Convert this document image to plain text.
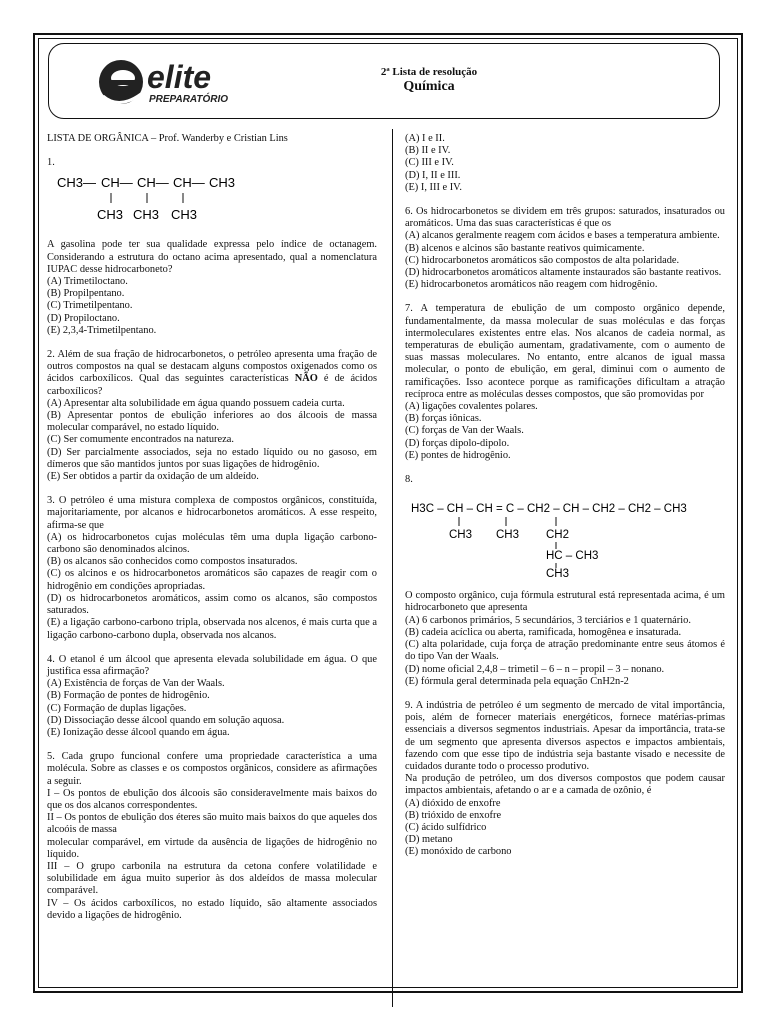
elite
PREPARATÓRIO
2ª Lista de resolução
Química

LISTA DE ORGÂNICA – Prof. Wanderby e Cristian Lins

1.

CH3— CH— CH— CH— CH3
CH3 CH3 CH3

A gasolina pode ter sua qualidade expressa pelo índice de octanagem. Considerando a estrutura do octano acima apresentado, qual a nomenclatura IUPAC desse hidrocarboneto?

(A) Trimetiloctano.

(B) Propilpentano.

(C) Trimetilpentano.

(D) Propiloctano.

(E) 2,3,4-Trimetilpentano.

2. Além de sua fração de hidrocarbonetos, o petróleo apresenta uma fração de outros compostos na qual se destacam alguns compostos oxigenados como os ácidos carboxílicos. Qual das seguintes características NÃO é de ácidos carboxílicos?

(A) Apresentar alta solubilidade em água quando possuem cadeia curta.

(B) Apresentar pontos de ebulição inferiores ao dos álcoois de massa molecular comparável, no estado líquido.

(C) Ser comumente encontrados na natureza.

(D) Ser parcialmente associados, seja no estado líquido ou no gasoso, em dímeros que são mantidos juntos por suas ligações de hidrogênio.

(E) Ser obtidos a partir da oxidação de um aldeído.

3. O petróleo é uma mistura complexa de compostos orgânicos, constituída, majoritariamente, por alcanos e hidrocarbonetos aromáticos. A esse respeito, afirma-se que

(A) os hidrocarbonetos cujas moléculas têm uma dupla ligação carbono-carbono são denominados alcinos.

(B) os alcanos são conhecidos como compostos insaturados.

(C) os alcinos e os hidrocarbonetos aromáticos são capazes de reagir com o hidrogênio em condições apropriadas.

(D) os hidrocarbonetos aromáticos, assim como os alcanos, são compostos saturados.

(E) a ligação carbono-carbono tripla, observada nos alcenos, é mais curta que a ligação carbono-carbono dupla, observada nos alcanos.

4. O etanol é um álcool que apresenta elevada solubilidade em água. O que justifica essa afirmação?

(A) Existência de forças de Van der Waals.

(B) Formação de pontes de hidrogênio.

(C) Formação de duplas ligações.

(D) Dissociação desse álcool quando em solução aquosa.

(E) Ionização desse álcool quando em água.

5. Cada grupo funcional confere uma propriedade característica a uma molécula. Sobre as classes e os compostos orgânicos, considere as afirmações a seguir.

I – Os pontos de ebulição dos álcoois são consideravelmente mais baixos do que os dos alcanos correspondentes.

II – Os pontos de ebulição dos éteres são muito mais baixos do que aqueles dos alcoóis de massa

molecular comparável, em virtude da ausência de ligações de hidrogênio no líquido.

III – O grupo carbonila na estrutura da cetona confere volatilidade e solubilidade em água muito superior às dos aldeídos de massa molecular comparável.

IV – Os ácidos carboxílicos, no estado líquido, são altamente associados devido a ligações de hidrogênio.

(A) I e II.

(B) II e IV.

(C) III e IV.

(D) I, II e III.

(E) I, III e IV.

6. Os hidrocarbonetos se dividem em três grupos: saturados, insaturados ou aromáticos. Uma das suas características é que os

(A) alcanos geralmente reagem com ácidos e bases a temperatura ambiente.

(B) alcenos e alcinos são bastante reativos quimicamente.

(C) hidrocarbonetos aromáticos são compostos de alta polaridade.

(D) hidrocarbonetos aromáticos altamente instaurados são bastante reativos.

(E) hidrocarbonetos aromáticos não reagem com hidrogênio.

7. A temperatura de ebulição de um composto orgânico depende, fundamentalmente, da massa molecular de suas moléculas e das forças intermoleculares existentes entre elas. Nos alcanos de cadeia normal, as temperaturas de ebulição aumentam, gradativamente, com o aumento de suas massas moleculares. No entanto, entre alcanos de igual massa molecular, o ponto de ebulição, em geral, diminui com o aumento de ramificações. Isso acontece porque as ramificações dificultam a atração recíproca entre as moléculas desses compostos, que são promovidas por

(A) ligações covalentes polares.

(B) forças iônicas.

(C) forças de Van der Waals.

(D) forças dipolo-dipolo.

(E) pontes de hidrogênio.

8.

H3C – CH – CH = C – CH2 – CH – CH2 – CH2 – CH3
CH3 CH3 CH2
HC – CH3
CH3

O composto orgânico, cuja fórmula estrutural está representada acima, é um hidrocarboneto que apresenta

(A) 6 carbonos primários, 5 secundários, 3 terciários e 1 quaternário.

(B) cadeia acíclica ou aberta, ramificada, homogênea e insaturada.

(C) alta polaridade, cuja força de atração predominante entre seus átomos é do tipo Van der Waals.

(D) nome oficial 2,4,8 – trimetil – 6 – n – propil – 3 – nonano.

(E) fórmula geral determinada pela equação CnH2n-2

9. A indústria de petróleo é um segmento de mercado de vital importância, pois, além de fornecer materiais energéticos, fornece matérias-primas essenciais a diversos segmentos industriais. Apesar da importância, trata-se de um segmento que apresenta diversos aspectos e impactos ambientais, fazendo com que esse tipo de indústria seja bastante visado e necessite de cuidados durante todo o processo produtivo.

Na produção de petróleo, um dos diversos compostos que podem causar impactos ambientais, afetando o ar e a camada de ozônio, é

(A) dióxido de enxofre

(B) trióxido de enxofre

(C) ácido sulfídrico

(D) metano

(E) monóxido de carbono
